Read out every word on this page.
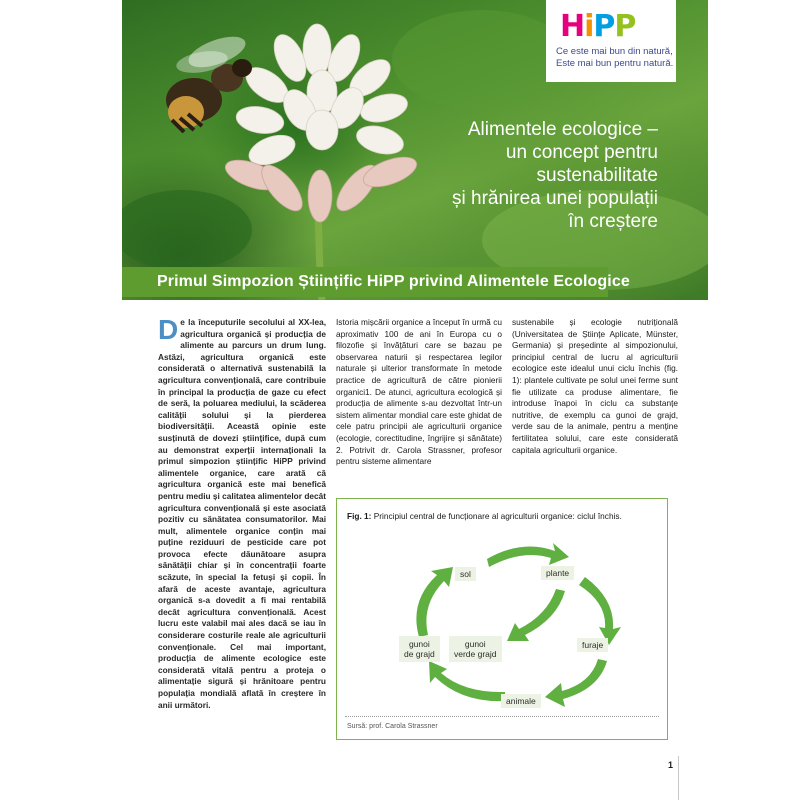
HiPP
Ce este mai bun din natură,
Este mai bun pentru natură.
Alimentele ecologice –
un concept pentru
sustenabilitate
și hrănirea unei populații
în creștere
Primul Simpozion Științific HiPP privind Alimentele Ecologice
De la începuturile secolului al XX-lea, agricultura organică și producția de alimente au parcurs un drum lung. Astăzi, agricultura organică este considerată o alternativă sustenabilă la agricultura convențională, care contribuie în principal la producția de gaze cu efect de seră, la poluarea mediului, la scăderea calității solului și la pierderea biodiversității. Această opinie este susținută de dovezi științifice, după cum au demonstrat experții internaționali la primul simpozion științific HiPP privind alimentele organice, care arată că agricultura organică este mai benefică pentru mediu și calitatea alimentelor decât agricultura convențională și este asociată pozitiv cu sănătatea consumatorilor. Mai mult, alimentele organice conțin mai puține reziduuri de pesticide care pot provoca efecte dăunătoare asupra sănătății chiar și în concentrații foarte scăzute, în special la fetuși și copii. În afară de aceste avantaje, agricultura organică s-a dovedit a fi mai rentabilă decât agricultura convențională. Acest lucru este valabil mai ales dacă se iau în considerare costurile reale ale agriculturii convenționale. Cel mai important, producția de alimente ecologice este considerată vitală pentru a proteja o alimentație sigură și hrănitoare pentru populația mondială aflată în creștere în anii următori.
Istoria mișcării organice a început în urmă cu aproximativ 100 de ani în Europa cu o filozofie și învățături care se bazau pe observarea naturii și respectarea legilor naturale și ulterior transformate în metode practice de agricultură de către pionierii organici1. De atunci, agricultura ecologică și producția de alimente s-au dezvoltat într-un sistem alimentar mondial care este ghidat de cele patru principii ale agriculturii organice (ecologie, corectitudine, îngrijire și sănătate) 2. Potrivit dr. Carola Strassner, profesor pentru sisteme alimentare
sustenabile și ecologie nutrițională (Universitatea de Științe Aplicate, Münster, Germania) și președinte al simpozionului, principiul central de lucru al agriculturii ecologice este idealul unui ciclu închis (fig. 1): plantele cultivate pe solul unei ferme sunt fie utilizate ca produse alimentare, fie introduse înapoi în ciclu ca substanțe nutritive, de exemplu ca gunoi de grajd, verde sau de la animale, pentru a menține fertilitatea solului, care este considerată capitala agriculturii organice.
Fig. 1: Principiul central de funcționare al agriculturii organice: ciclul închis.
sol	plante
furaje
animale
gunoi
de grajd
gunoi
verde grajd
Sursă: prof. Carola Strassner
1
